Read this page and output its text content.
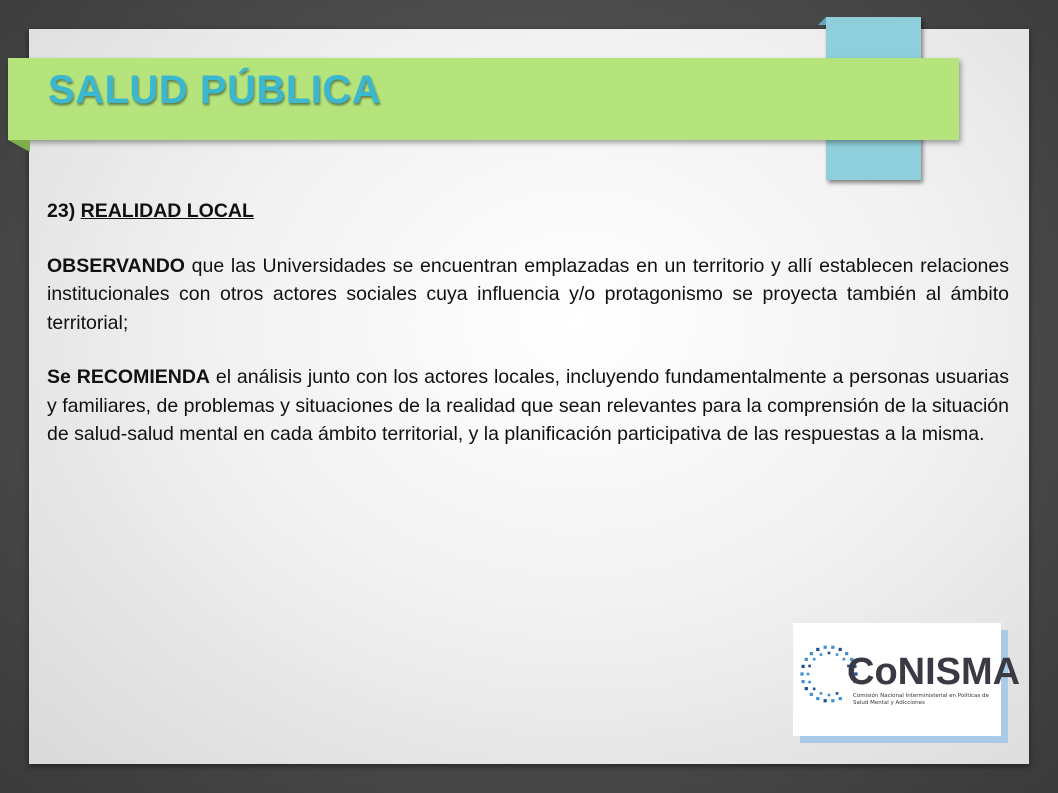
SALUD PÚBLICA

23) REALIDAD LOCAL

OBSERVANDO que las Universidades se encuentran emplazadas en un territorio y allí establecen relaciones institucionales con otros actores sociales cuya influencia y/o protagonismo se proyecta también al ámbito territorial;

Se RECOMIENDA el análisis junto con los actores locales, incluyendo fundamentalmente a personas usuarias y familiares, de problemas y situaciones de la realidad que sean relevantes para la comprensión de la situación de salud-salud mental en cada ámbito territorial, y la planificación participativa de las respuestas a la misma.

CoNISMA
Comisión Nacional Interministerial en Políticas de Salud Mental y Adicciones
